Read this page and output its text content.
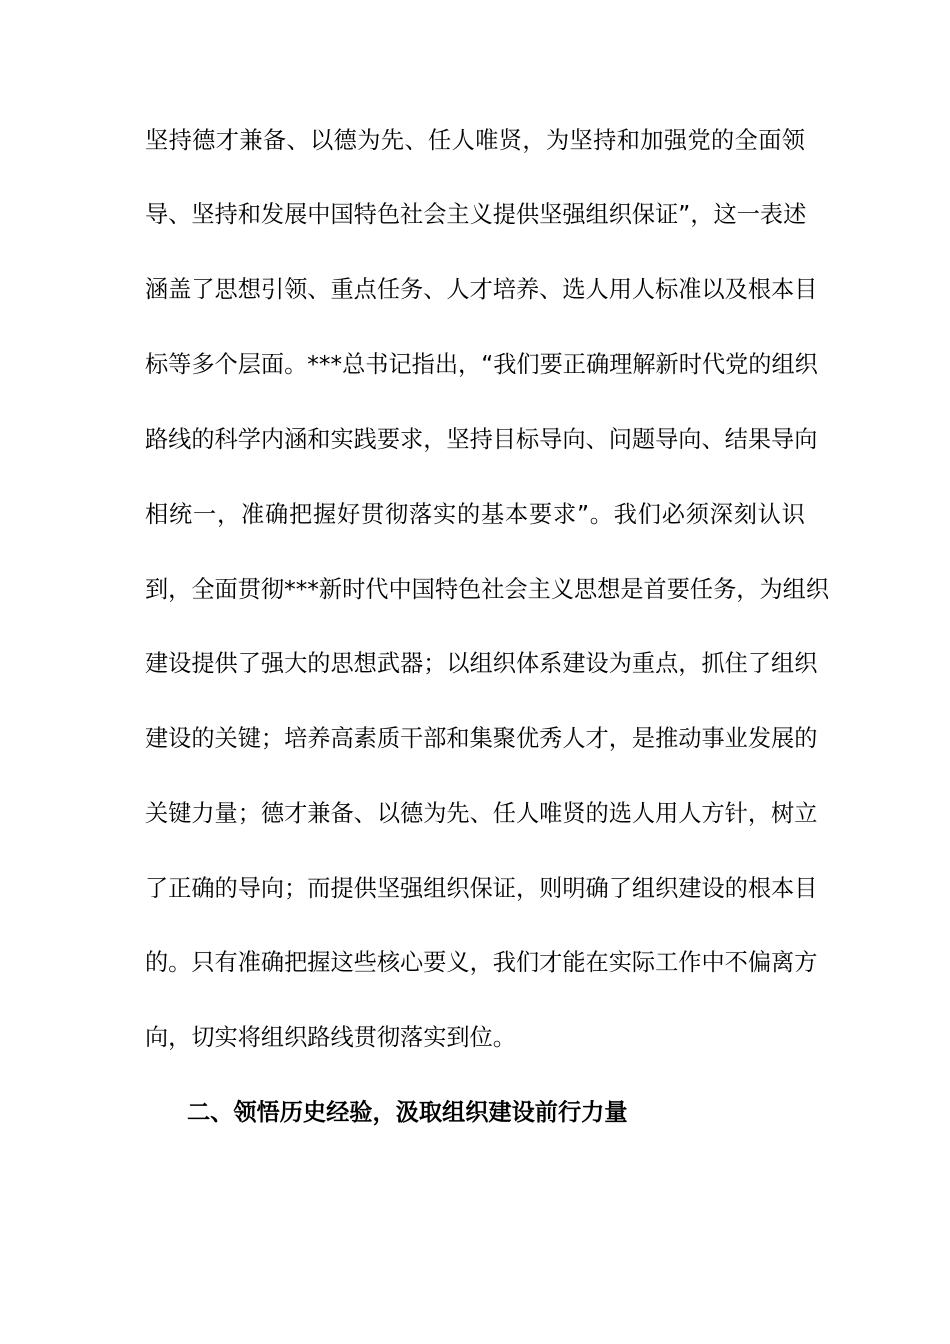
坚持德才兼备、以德为先、任人唯贤，为坚持和加强党的全面领
导、坚持和发展中国特色社会主义提供坚强组织保证”，这一表述
涵盖了思想引领、重点任务、人才培养、选人用人标准以及根本目
标等多个层面。***总书记指出，“我们要正确理解新时代党的组织
路线的科学内涵和实践要求，坚持目标导向、问题导向、结果导向
相统一，准确把握好贯彻落实的基本要求”。我们必须深刻认识
到，全面贯彻***新时代中国特色社会主义思想是首要任务，为组织
建设提供了强大的思想武器；以组织体系建设为重点，抓住了组织
建设的关键；培养高素质干部和集聚优秀人才，是推动事业发展的
关键力量；德才兼备、以德为先、任人唯贤的选人用人方针，树立
了正确的导向；而提供坚强组织保证，则明确了组织建设的根本目
的。只有准确把握这些核心要义，我们才能在实际工作中不偏离方
向，切实将组织路线贯彻落实到位。
二、领悟历史经验，汲取组织建设前行力量
